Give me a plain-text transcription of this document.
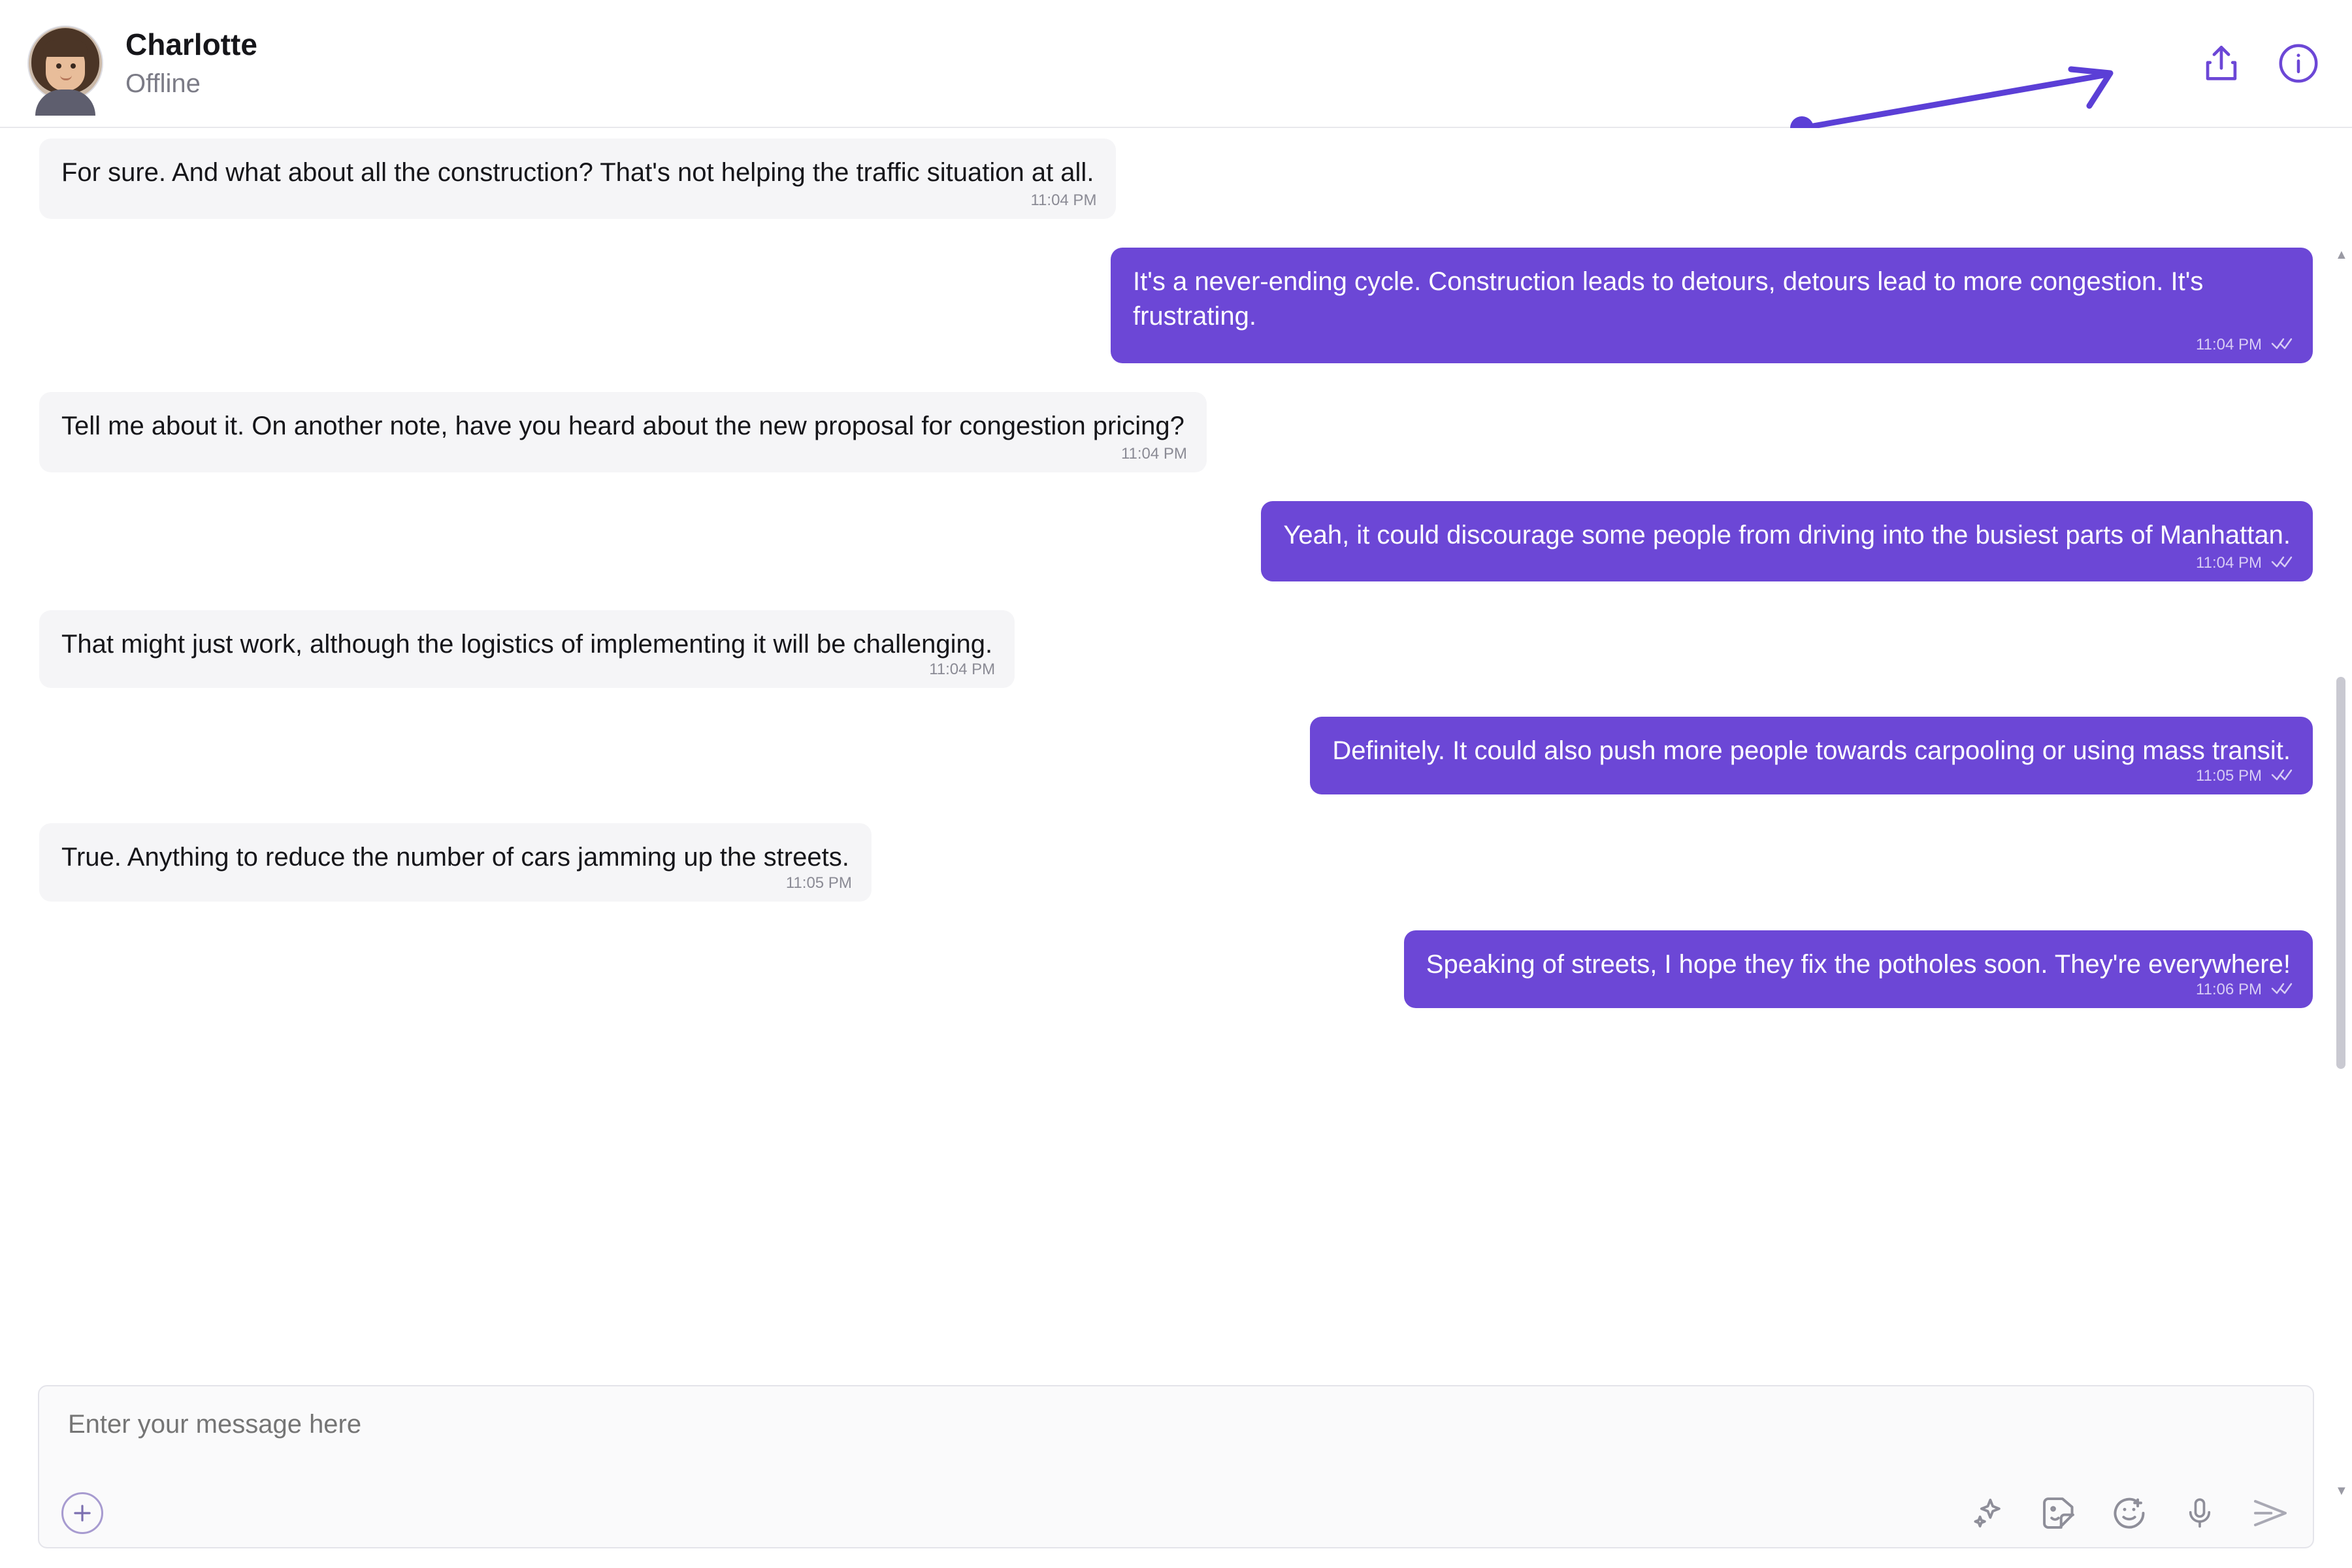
Charlotte
Offline
For sure. And what about all the construction? That's not helping the traffic situation at all.
11:04 PM
It's a never-ending cycle. Construction leads to detours, detours lead to more congestion. It's frustrating.
11:04 PM
Tell me about it. On another note, have you heard about the new proposal for congestion pricing?
11:04 PM
Yeah, it could discourage some people from driving into the busiest parts of Manhattan.
11:04 PM
That might just work, although the logistics of implementing it will be challenging.
11:04 PM
Definitely. It could also push more people towards carpooling or using mass transit.
11:05 PM
True. Anything to reduce the number of cars jamming up the streets.
11:05 PM
Speaking of streets, I hope they fix the potholes soon. They're everywhere!
11:06 PM
▲
▼
Enter your message here
